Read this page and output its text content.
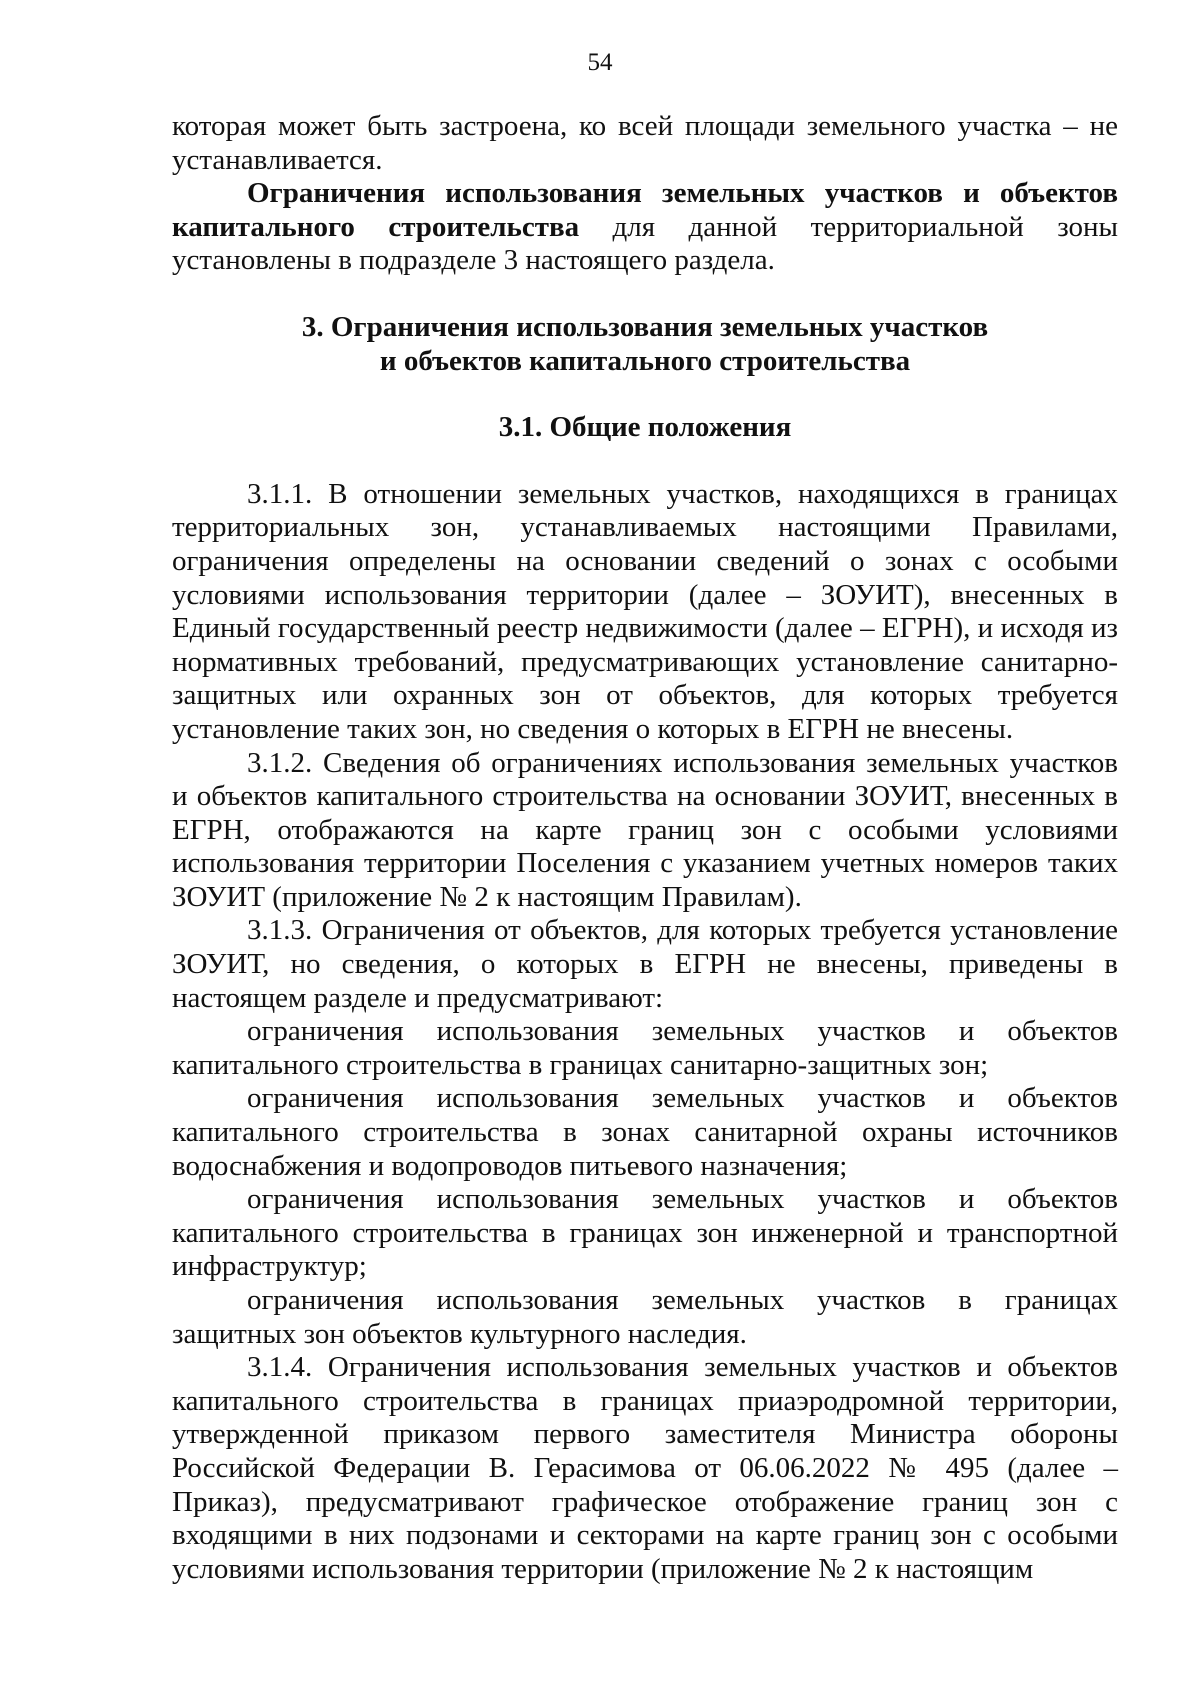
54

которая может быть застроена, ко всей площади земельного участка – не устанавливается.

Ограничения использования земельных участков и объектов капитального строительства для данной территориальной зоны установлены в подразделе 3 настоящего раздела.

3. Ограничения использования земельных участков
и объектов капитального строительства
3.1. Общие положения

3.1.1. В отношении земельных участков, находящихся в границах территориальных зон, устанавливаемых настоящими Правилами, ограничения определены на основании сведений о зонах с особыми условиями использования территории (далее – ЗОУИТ), внесенных в Единый государственный реестр недвижимости (далее – ЕГРН), и исходя из нормативных требований, предусматривающих установление санитарно-защитных или охранных зон от объектов, для которых требуется установление таких зон, но сведения о которых в ЕГРН не внесены.

3.1.2. Сведения об ограничениях использования земельных участков и объектов капитального строительства на основании ЗОУИТ, внесенных в ЕГРН, отображаются на карте границ зон с особыми условиями использования территории Поселения с указанием учетных номеров таких ЗОУИТ (приложение № 2 к настоящим Правилам).

3.1.3. Ограничения от объектов, для которых требуется установление ЗОУИТ, но сведения, о которых в ЕГРН не внесены, приведены в настоящем разделе и предусматривают:

ограничения использования земельных участков и объектов капитального строительства в границах санитарно-защитных зон;

ограничения использования земельных участков и объектов капитального строительства в зонах санитарной охраны источников водоснабжения и водопроводов питьевого назначения;

ограничения использования земельных участков и объектов капитального строительства в границах зон инженерной и транспортной инфраструктур;

ограничения использования земельных участков в границах защитных зон объектов культурного наследия.

3.1.4. Ограничения использования земельных участков и объектов капитального строительства в границах приаэродромной территории, утвержденной приказом первого заместителя Министра обороны Российской Федерации В. Герасимова от 06.06.2022 № 495 (далее – Приказ), предусматривают графическое отображение границ зон с входящими в них подзонами и секторами на карте границ зон с особыми условиями использования территории (приложение № 2 к настоящим
